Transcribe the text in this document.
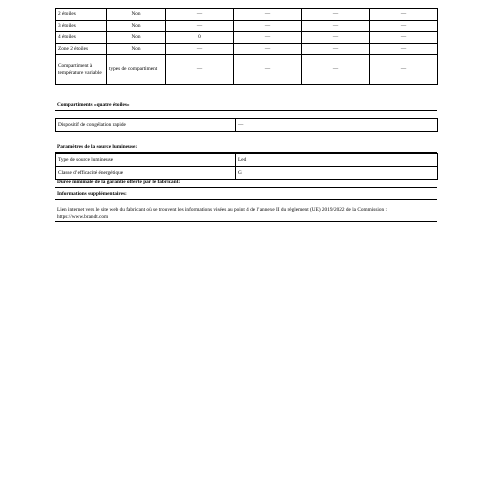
2 étoiles	Non	—	—	—	—
3 étoiles	Non	—	—	—	—
4 étoiles	Non	0	—	—	—
Zone 2 étoiles	Non	—	—	—	—
Compartiment à température variable	types de compartiment	—	—	—	—
Compartiments «quatre étoiles»
Dispositif de congélation rapide	—
Paramètres de la source lumineuse:
Type de source lumineuse	Led
Classe d’efficacité énergétique	G
Durée minimale de la garantie offerte par le fabricant:
Informations supplémentaires:
Lien internet vers le site web du fabricant où se trouvent les informations visées au point 4 de l’annexe II du règlement (UE) 2019/2022 de la Commission : https://www.brandt.com
